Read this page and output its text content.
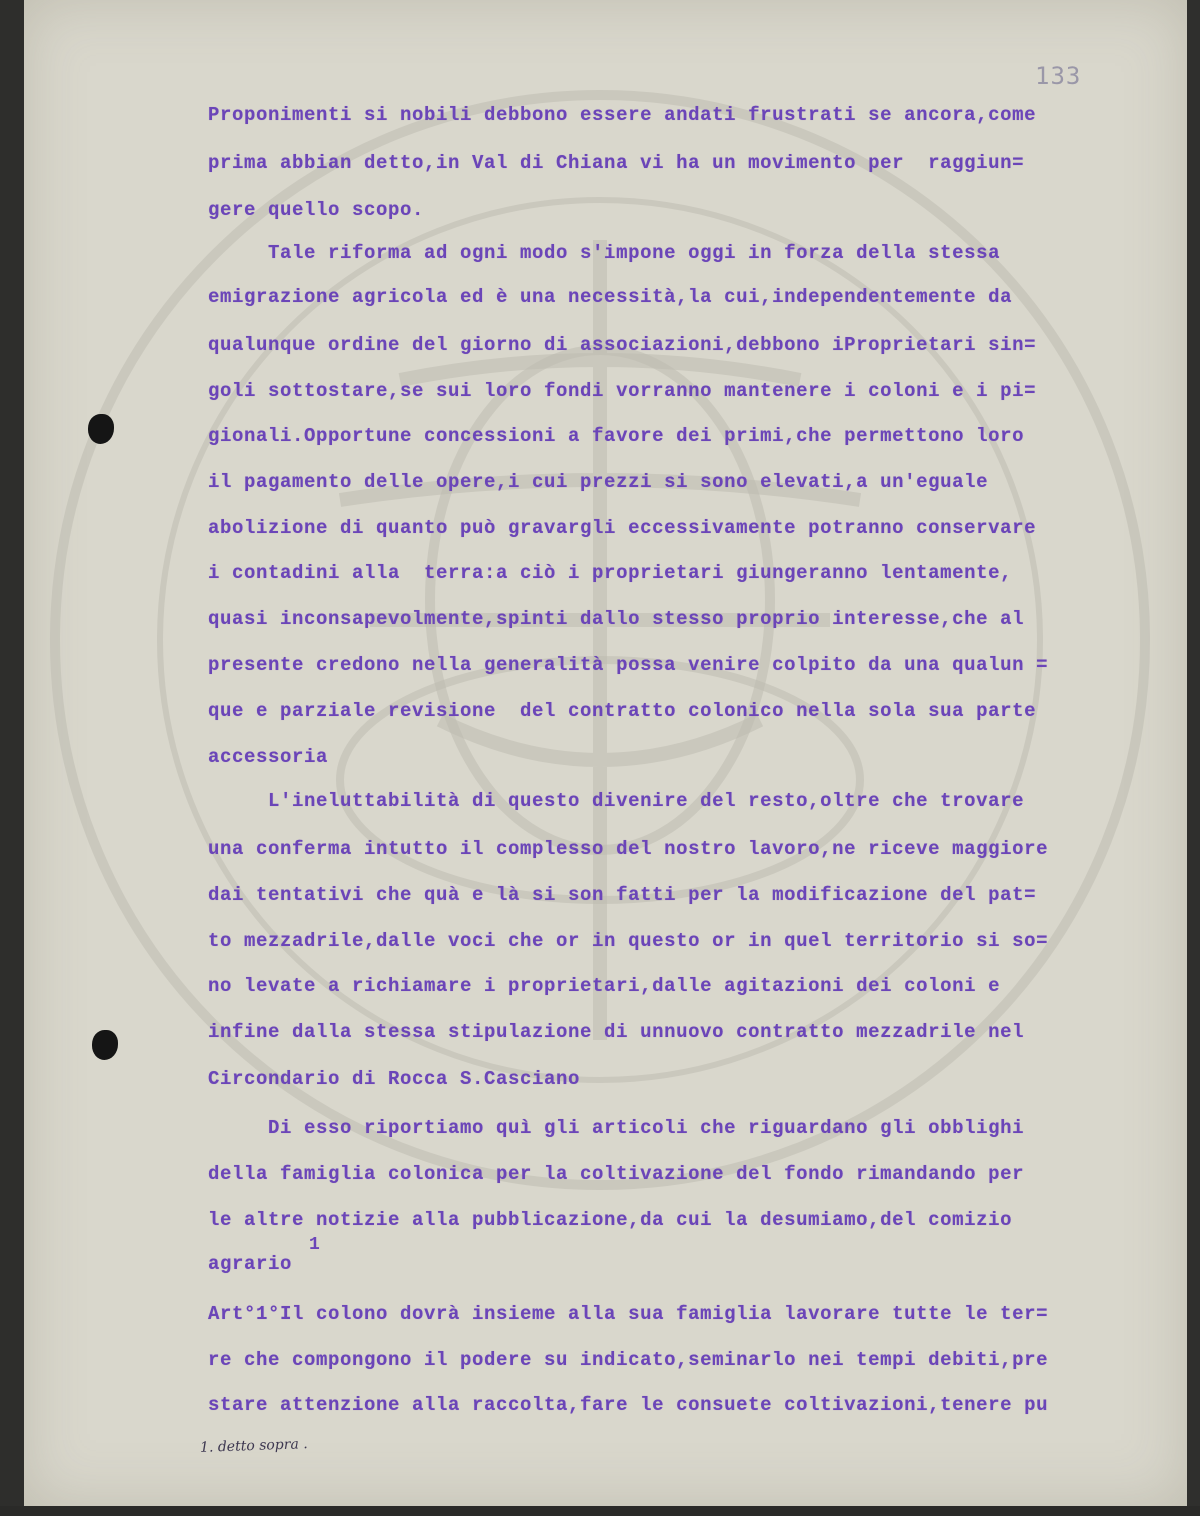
133
Proponimenti si nobili debbono essere andati frustrati se ancora,come
prima abbian detto,in Val di Chiana vi ha un movimento per  raggiun=
gere quello scopo.
Tale riforma ad ogni modo s'impone oggi in forza della stessa
emigrazione agricola ed è una necessità,la cui,independentemente da
qualunque ordine del giorno di associazioni,debbono iProprietari sin=
goli sottostare,se sui loro fondi vorranno mantenere i coloni e i pi=
gionali.Opportune concessioni a favore dei primi,che permettono loro
il pagamento delle opere,i cui prezzi si sono elevati,a un'eguale
abolizione di quanto può gravargli eccessivamente potranno conservare
i contadini alla  terra:a ciò i proprietari giungeranno lentamente,
quasi inconsapevolmente,spinti dallo stesso proprio interesse,che al
presente credono nella generalità possa venire colpito da una qualun =
que e parziale revisione  del contratto colonico nella sola sua parte
accessoria
L'ineluttabilità di questo divenire del resto,oltre che trovare
una conferma intutto il complesso del nostro lavoro,ne riceve maggiore
dai tentativi che quà e là si son fatti per la modificazione del pat=
to mezzadrile,dalle voci che or in questo or in quel territorio si so=
no levate a richiamare i proprietari,dalle agitazioni dei coloni e
infine dalla stessa stipulazione di unnuovo contratto mezzadrile nel
Circondario di Rocca S.Casciano
Di esso riportiamo quì gli articoli che riguardano gli obblighi
della famiglia colonica per la coltivazione del fondo rimandando per
le altre notizie alla pubblicazione,da cui la desumiamo,del comizio
agrario
Art°1°Il colono dovrà insieme alla sua famiglia lavorare tutte le ter=
re che compongono il podere su indicato,seminarlo nei tempi debiti,pre
stare attenzione alla raccolta,fare le consuete coltivazioni,tenere pu
1
1. detto sopra .
